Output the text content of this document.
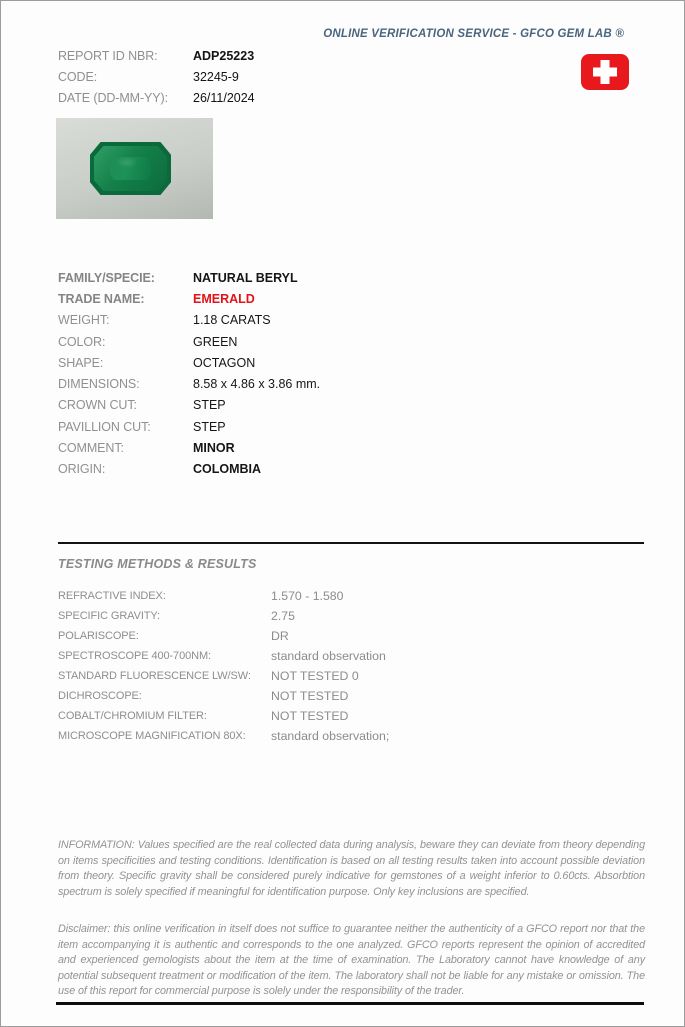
ONLINE VERIFICATION SERVICE - GFCO GEM LAB ®
REPORT ID NBR:	ADP25223
CODE:	32245-9
DATE (DD-MM-YY):	26/11/2024
FAMILY/SPECIE:	NATURAL BERYL
TRADE NAME:	EMERALD
WEIGHT:	1.18 CARATS
COLOR:	GREEN
SHAPE:	OCTAGON
DIMENSIONS:	8.58 x 4.86 x 3.86 mm.
CROWN CUT:	STEP
PAVILLION CUT:	STEP
COMMENT:	MINOR
ORIGIN:	COLOMBIA
TESTING METHODS & RESULTS
REFRACTIVE INDEX:	1.570 - 1.580
SPECIFIC GRAVITY:	2.75
POLARISCOPE:	DR
SPECTROSCOPE 400-700NM:	standard observation
STANDARD FLUORESCENCE LW/SW:	NOT TESTED 0
DICHROSCOPE:	NOT TESTED
COBALT/CHROMIUM FILTER:	NOT TESTED
MICROSCOPE MAGNIFICATION 80X:	standard observation;
INFORMATION: Values specified are the real collected data during analysis, beware they can deviate from theory depending on items specificities and testing conditions. Identification is based on all testing results taken into account possible deviation from theory. Specific gravity shall be considered purely indicative for gemstones of a weight inferior to 0.60cts. Absorbtion spectrum is solely specified if meaningful for identification purpose. Only key inclusions are specified.
Disclaimer: this online verification in itself does not suffice to guarantee neither the authenticity of a GFCO report nor that the item accompanying it is authentic and corresponds to the one analyzed. GFCO reports represent the opinion of accredited and experienced gemologists about the item at the time of examination. The Laboratory cannot have knowledge of any potential subsequent treatment or modification of the item. The laboratory shall not be liable for any mistake or omission. The use of this report for commercial purpose is solely under the responsibility of the trader.
